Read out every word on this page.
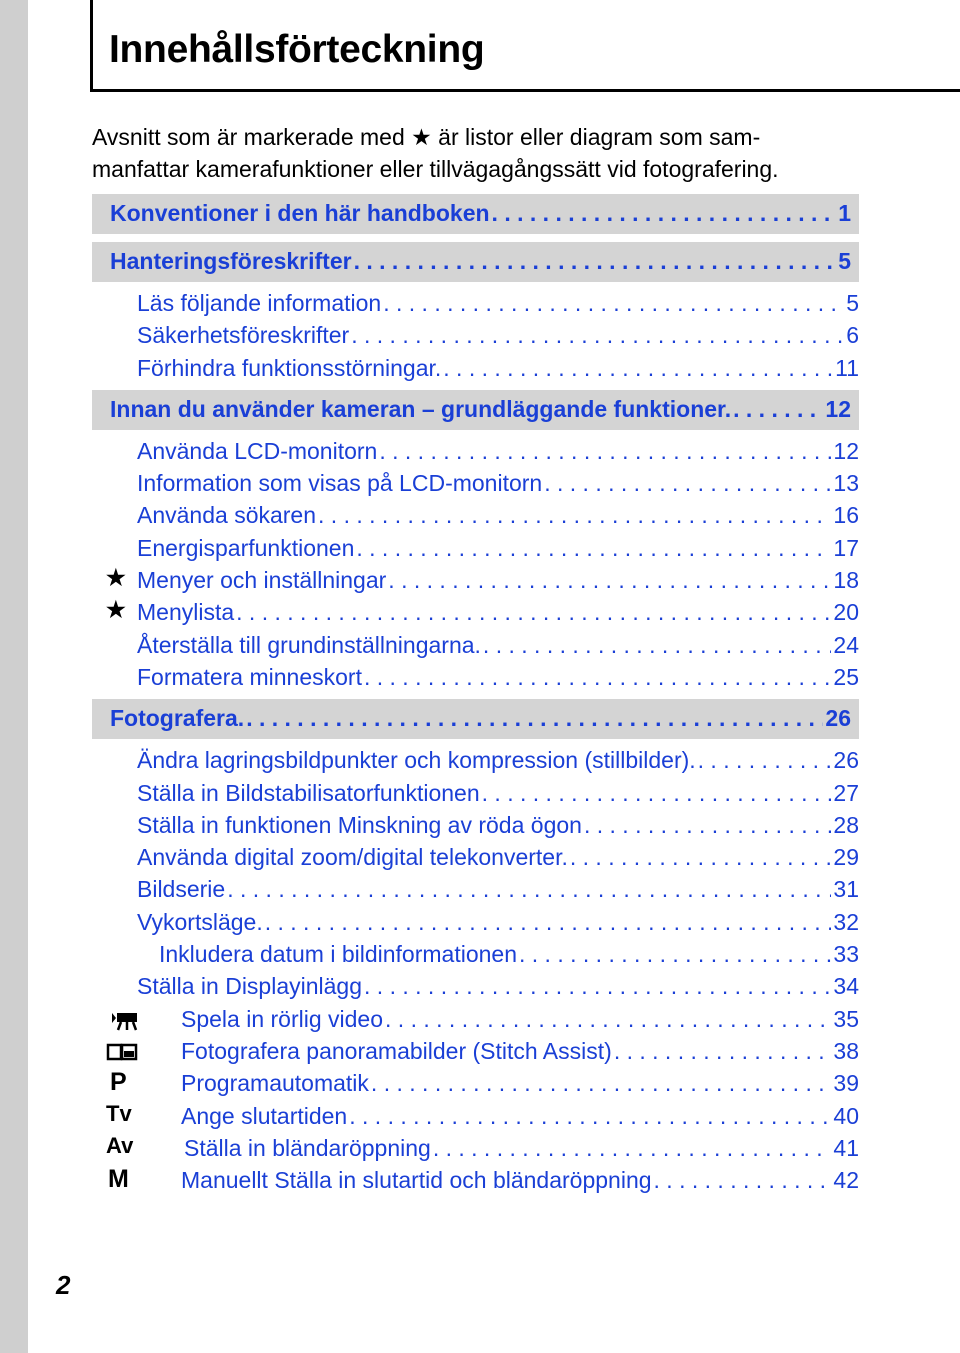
2
Innehållsförteckning
Avsnitt som är markerade med ★ är listor eller diagram som sam-
manfattar kamerafunktioner eller tillvägagångssätt vid fotografering.
Konventioner i den här handboken . . .	1
Hanteringsföreskrifter . . .	5
Läs följande information . . .	5
Säkerhetsföreskrifter . . .	6
Förhindra funktionsstörningar. . . .	11
Innan du använder kameran – grundläggande funktioner. . . .	12
Använda LCD-monitorn . . .	12
Information som visas på LCD-monitorn . . .	13
Använda sökaren . . .	16
Energisparfunktionen . . .	17
★ Menyer och inställningar . . .	18
★ Menylista . . .	20
Återställa till grundinställningarna. . . .	24
Formatera minneskort . . .	25
Fotografera. . . .	26
Ändra lagringsbildpunkter och kompression (stillbilder). . . .	26
Ställa in Bildstabilisatorfunktionen . . .	27
Ställa in funktionen Minskning av röda ögon . . .	28
Använda digital zoom/digital telekonverter. . . .	29
Bildserie . . .	31
Vykortsläge. . . .	32
Inkludera datum i bildinformationen . . .	33
Ställa in Displayinlägg . . .	34
Spela in rörlig video . . .	35
Fotografera panoramabilder (Stitch Assist) . . .	38
P	Programautomatik . . .	39
Tv	Ange slutartiden . . .	40
Av	Ställa in bländaröppning . . .	41
M	Manuellt Ställa in slutartid och bländaröppning . . .	42
